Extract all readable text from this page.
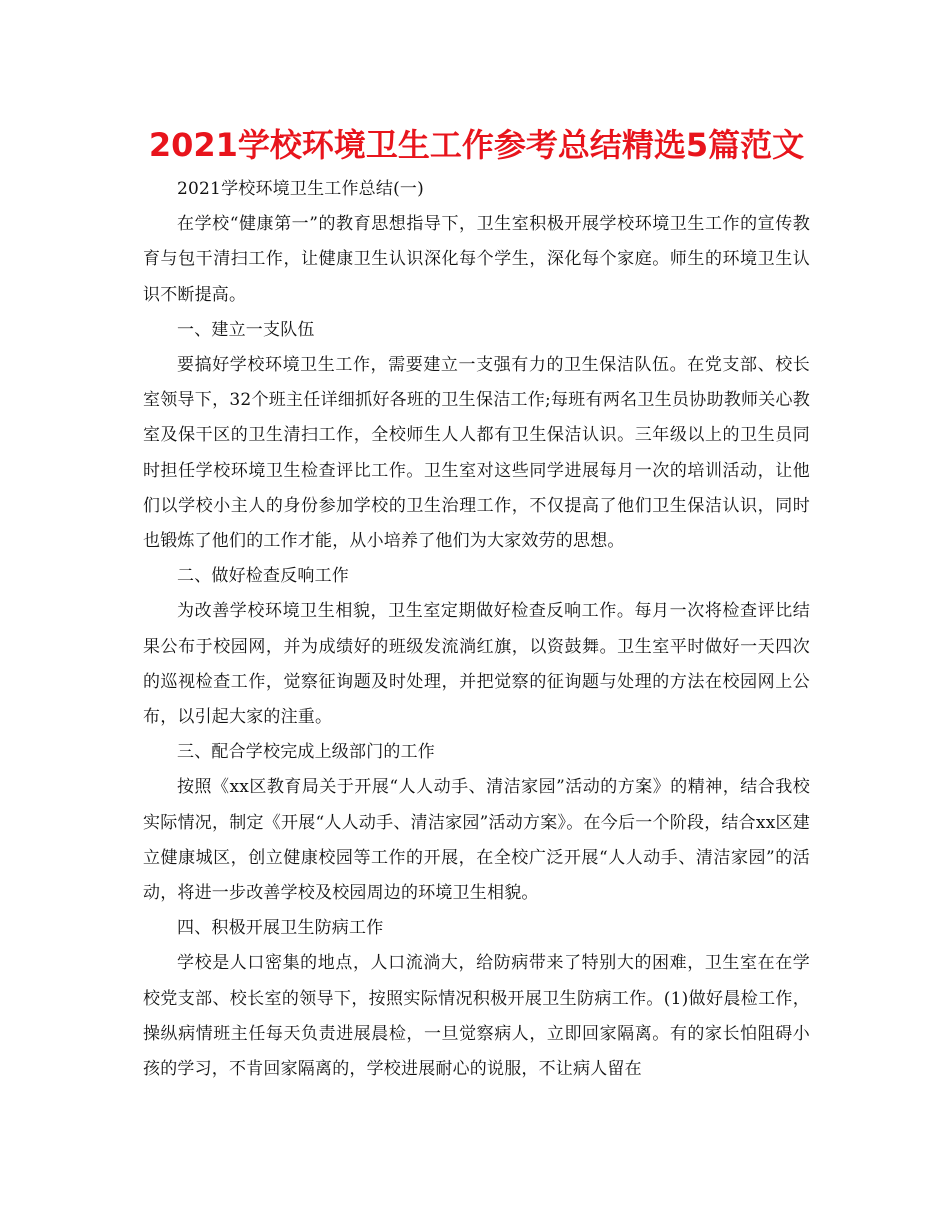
2021学校环境卫生工作参考总结精选5篇范文

2021学校环境卫生工作总结(一)

在学校“健康第一”的教育思想指导下，卫生室积极开展学校环境卫生工作的宣传教育与包干清扫工作，让健康卫生认识深化每个学生，深化每个家庭。师生的环境卫生认识不断提高。

一、建立一支队伍

要搞好学校环境卫生工作，需要建立一支强有力的卫生保洁队伍。在党支部、校长室领导下，32个班主任详细抓好各班的卫生保洁工作;每班有两名卫生员协助教师关心教室及保干区的卫生清扫工作，全校师生人人都有卫生保洁认识。三年级以上的卫生员同时担任学校环境卫生检查评比工作。卫生室对这些同学进展每月一次的培训活动，让他们以学校小主人的身份参加学校的卫生治理工作，不仅提高了他们卫生保洁认识，同时也锻炼了他们的工作才能，从小培养了他们为大家效劳的思想。

二、做好检查反响工作

为改善学校环境卫生相貌，卫生室定期做好检查反响工作。每月一次将检查评比结果公布于校园网，并为成绩好的班级发流淌红旗，以资鼓舞。卫生室平时做好一天四次的巡视检查工作，觉察征询题及时处理，并把觉察的征询题与处理的方法在校园网上公布，以引起大家的注重。

三、配合学校完成上级部门的工作

按照《xx区教育局关于开展“人人动手、清洁家园”活动的方案》的精神，结合我校实际情况，制定《开展“人人动手、清洁家园”活动方案》。在今后一个阶段，结合xx区建立健康城区，创立健康校园等工作的开展，在全校广泛开展“人人动手、清洁家园”的活动，将进一步改善学校及校园周边的环境卫生相貌。

四、积极开展卫生防病工作

学校是人口密集的地点，人口流淌大，给防病带来了特别大的困难，卫生室在在学校党支部、校长室的领导下，按照实际情况积极开展卫生防病工作。(1)做好晨检工作，操纵病情班主任每天负责进展晨检，一旦觉察病人，立即回家隔离。有的家长怕阻碍小孩的学习，不肯回家隔离的，学校进展耐心的说服，不让病人留在
